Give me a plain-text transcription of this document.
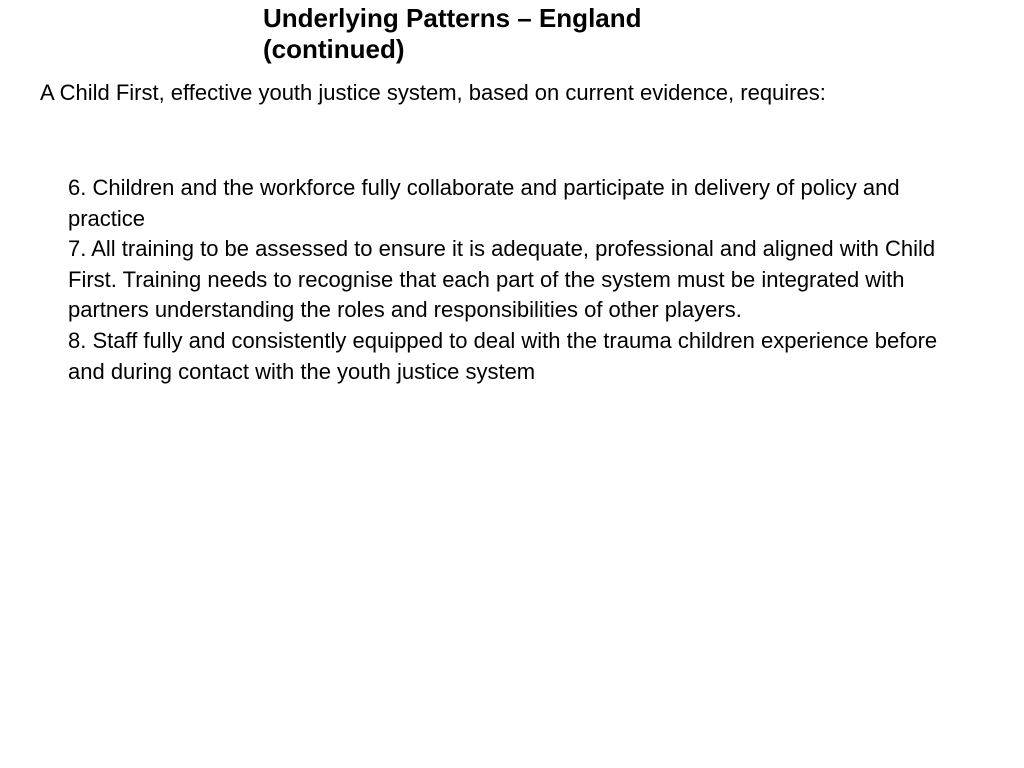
Underlying Patterns – England (continued)

A Child First, effective youth justice system, based on current evidence, requires:

6. Children and the workforce fully collaborate and participate in delivery of policy and practice
7. All training to be assessed to ensure it is adequate, professional and aligned with Child First. Training needs to recognise that each part of the system must be integrated with partners understanding the roles and responsibilities of other players.
8. Staff fully and consistently equipped to deal with the trauma children experience before and during contact with the youth justice system
